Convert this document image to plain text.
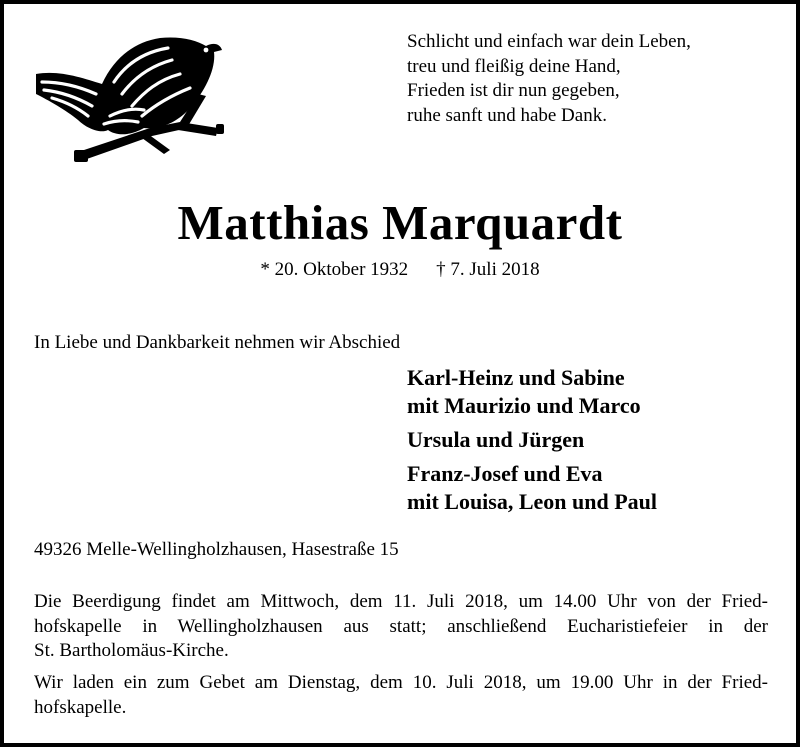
Schlicht und einfach war dein Leben,
treu und fleißig deine Hand,
Frieden ist dir nun gegeben,
ruhe sanft und habe Dank.
Matthias Marquardt
* 20. Oktober 1932 † 7. Juli 2018
In Liebe und Dankbarkeit nehmen wir Abschied
Karl-Heinz und Sabine
mit Maurizio und Marco
Ursula und Jürgen
Franz-Josef und Eva
mit Louisa, Leon und Paul
49326 Melle-Wellingholzhausen, Hasestraße 15
Die Beerdigung findet am Mittwoch, dem 11. Juli 2018, um 14.00 Uhr von der Fried-
hofskapelle in Wellingholzhausen aus statt; anschließend Eucharistiefeier in der
St. Bartholomäus-Kirche.
Wir laden ein zum Gebet am Dienstag, dem 10. Juli 2018, um 19.00 Uhr in der Fried-
hofskapelle.
